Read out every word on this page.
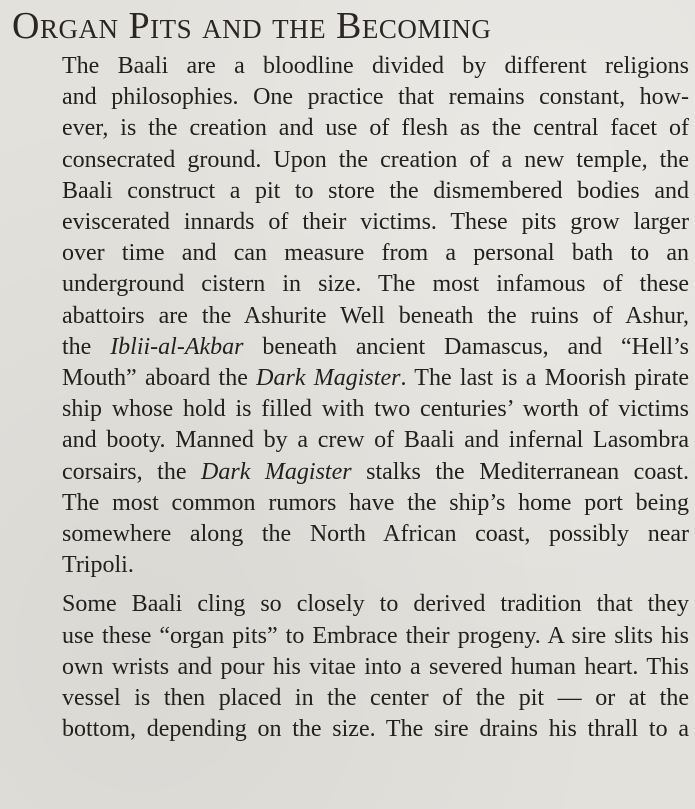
Organ Pits and the Becoming

The Baali are a bloodline divided by different religions
and philosophies. One practice that remains constant, how-
ever, is the creation and use of flesh as the central facet of
consecrated ground. Upon the creation of a new temple, the
Baali construct a pit to store the dismembered bodies and
eviscerated innards of their victims. These pits grow larger
over time and can measure from a personal bath to an
underground cistern in size. The most infamous of these
abattoirs are the Ashurite Well beneath the ruins of Ashur,
the Iblii-al-Akbar beneath ancient Damascus, and “Hell’s
Mouth” aboard the Dark Magister. The last is a Moorish pirate
ship whose hold is filled with two centuries’ worth of victims
and booty. Manned by a crew of Baali and infernal Lasombra
corsairs, the Dark Magister stalks the Mediterranean coast.
The most common rumors have the ship’s home port being
somewhere along the North African coast, possibly near
Tripoli.

Some Baali cling so closely to derived tradition that they
use these “organ pits” to Embrace their progeny. A sire slits his
own wrists and pour his vitae into a severed human heart. This
vessel is then placed in the center of the pit — or at the
bottom, depending on the size. The sire drains his thrall to a
